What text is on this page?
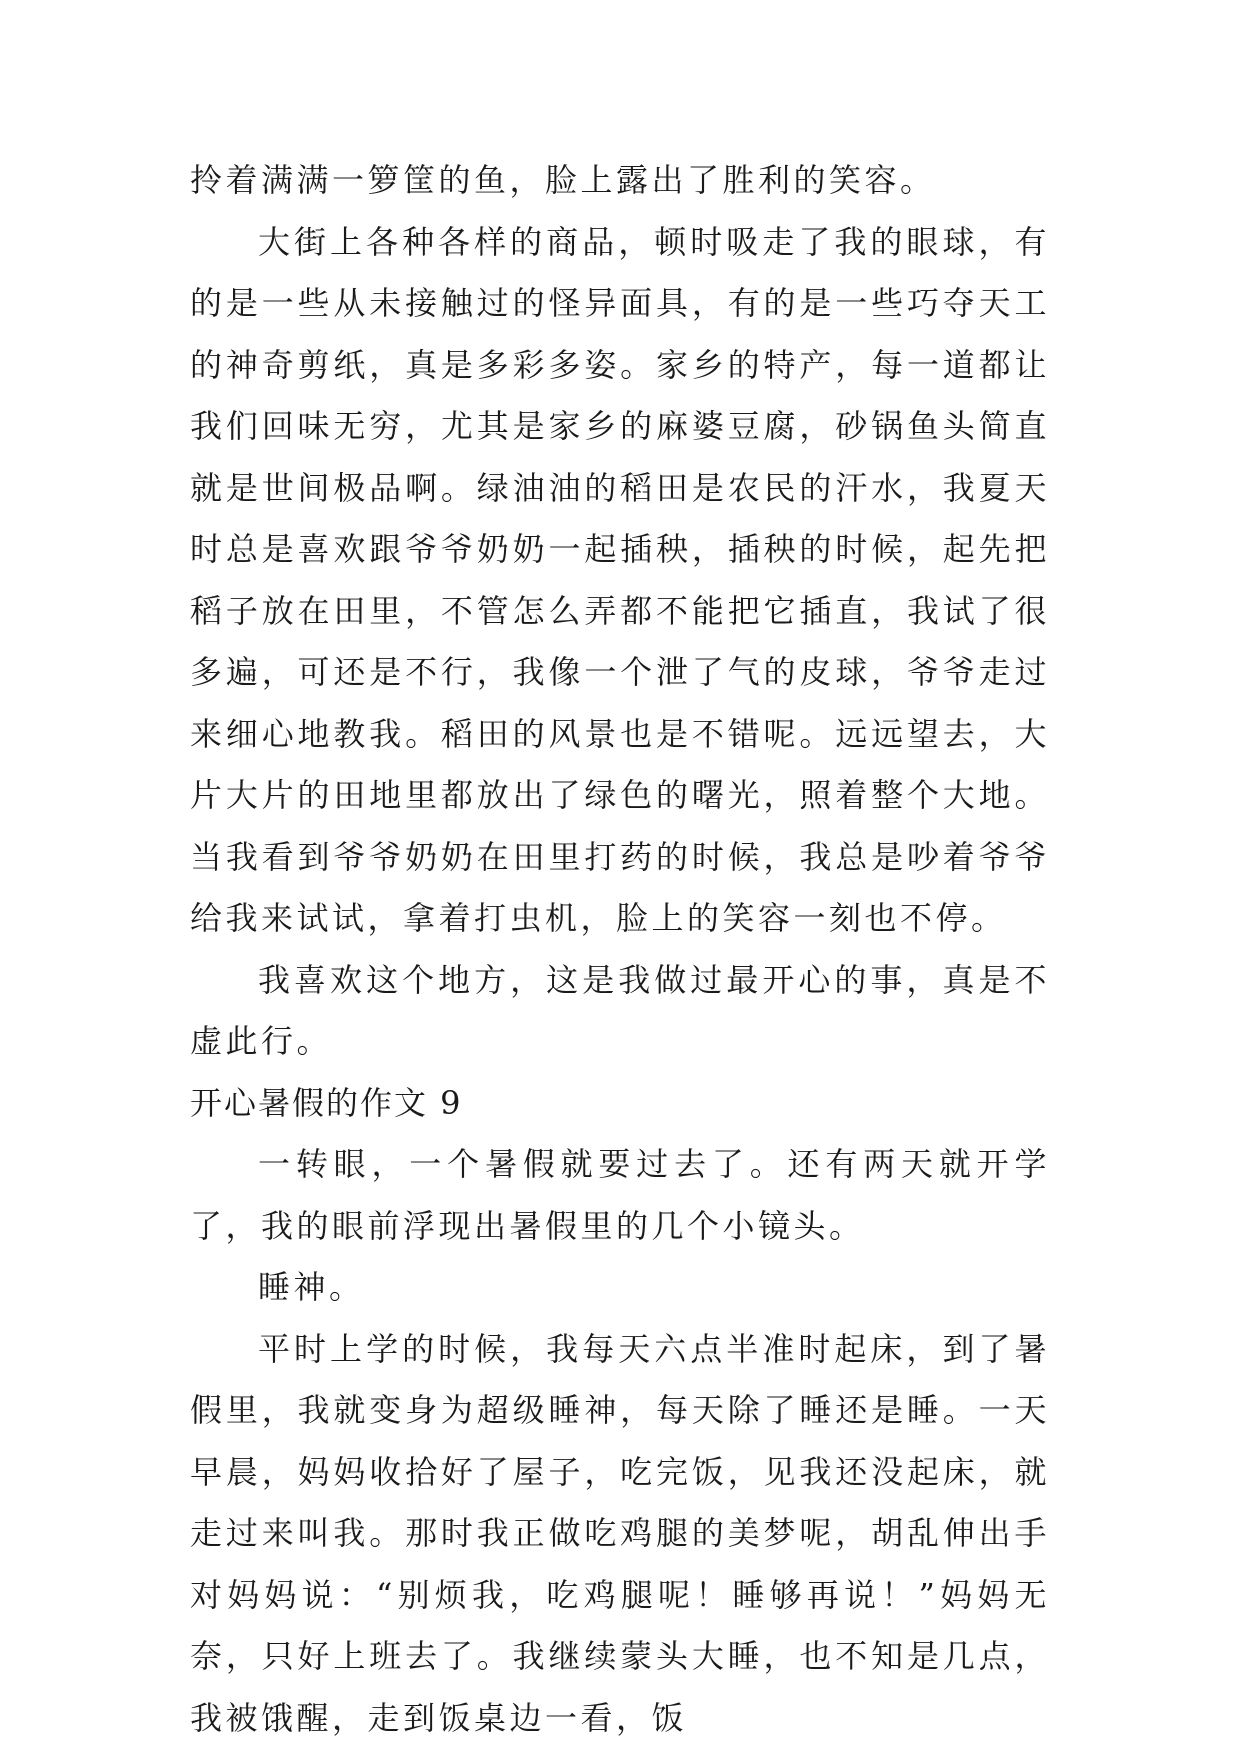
拎着满满一箩筐的鱼，脸上露出了胜利的笑容。

大街上各种各样的商品，顿时吸走了我的眼球，有的是一些从未接触过的怪异面具，有的是一些巧夺天工的神奇剪纸，真是多彩多姿。家乡的特产，每一道都让我们回味无穷，尤其是家乡的麻婆豆腐，砂锅鱼头简直就是世间极品啊。绿油油的稻田是农民的汗水，我夏天时总是喜欢跟爷爷奶奶一起插秧，插秧的时候，起先把稻子放在田里，不管怎么弄都不能把它插直，我试了很多遍，可还是不行，我像一个泄了气的皮球，爷爷走过来细心地教我。稻田的风景也是不错呢。远远望去，大片大片的田地里都放出了绿色的曙光，照着整个大地。当我看到爷爷奶奶在田里打药的时候，我总是吵着爷爷给我来试试，拿着打虫机，脸上的笑容一刻也不停。

我喜欢这个地方，这是我做过最开心的事，真是不虚此行。

开心暑假的作文 9

一转眼，一个暑假就要过去了。还有两天就开学了，我的眼前浮现出暑假里的几个小镜头。

睡神。

平时上学的时候，我每天六点半准时起床，到了暑假里，我就变身为超级睡神，每天除了睡还是睡。一天早晨，妈妈收拾好了屋子，吃完饭，见我还没起床，就走过来叫我。那时我正做吃鸡腿的美梦呢，胡乱伸出手对妈妈说：“别烦我，吃鸡腿呢！睡够再说！”妈妈无奈，只好上班去了。我继续蒙头大睡，也不知是几点，我被饿醒，走到饭桌边一看，饭
